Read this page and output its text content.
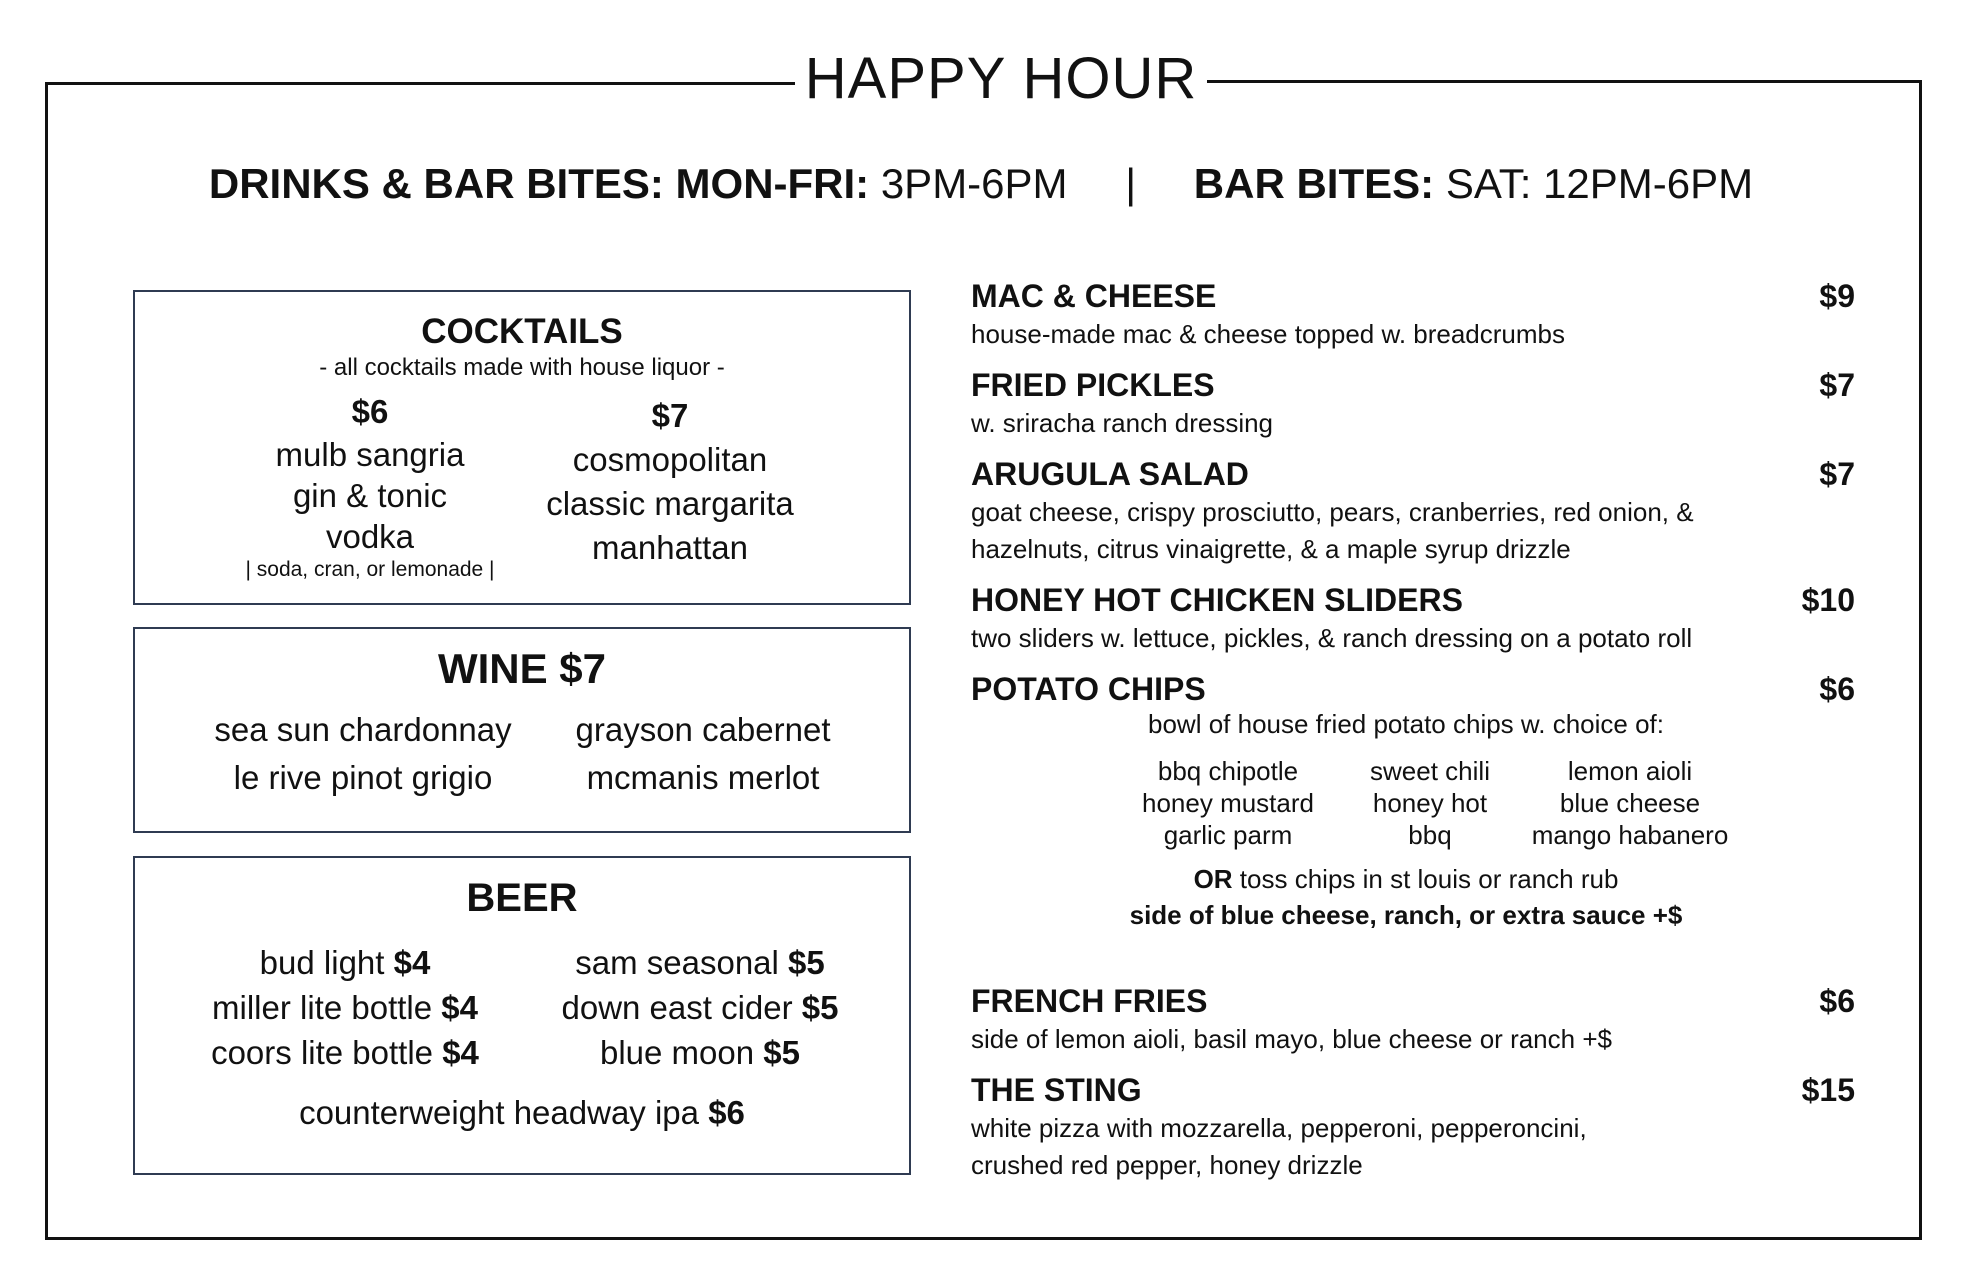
HAPPY HOUR
DRINKS & BAR BITES: MON-FRI: 3PM-6PM | BAR BITES: SAT: 12PM-6PM
COCKTAILS
- all cocktails made with house liquor -
$6
mulb sangria
gin & tonic
vodka
| soda, cran, or lemonade |
$7
cosmopolitan
classic margarita
manhattan
WINE $7
sea sun chardonnay	grayson cabernet
le rive pinot grigio	mcmanis merlot
BEER
bud light $4	sam seasonal $5
miller lite bottle $4	down east cider $5
coors lite bottle $4	blue moon $5
counterweight headway ipa $6
MAC & CHEESE	$9
house-made mac & cheese topped w. breadcrumbs
FRIED PICKLES	$7
w. sriracha ranch dressing
ARUGULA SALAD	$7
goat cheese, crispy prosciutto, pears, cranberries, red onion, &
hazelnuts, citrus vinaigrette, & a maple syrup drizzle
HONEY HOT CHICKEN SLIDERS	$10
two sliders w. lettuce, pickles, & ranch dressing on a potato roll
POTATO CHIPS	$6
bowl of house fried potato chips w. choice of:
bbq chipotle
honey mustard
garlic parm
sweet chili
honey hot
bbq
lemon aioli
blue cheese
mango habanero
OR toss chips in st louis or ranch rub
side of blue cheese, ranch, or extra sauce +$
FRENCH FRIES	$6
side of lemon aioli, basil mayo, blue cheese or ranch +$
THE STING	$15
white pizza with mozzarella, pepperoni, pepperoncini,
crushed red pepper, honey drizzle
